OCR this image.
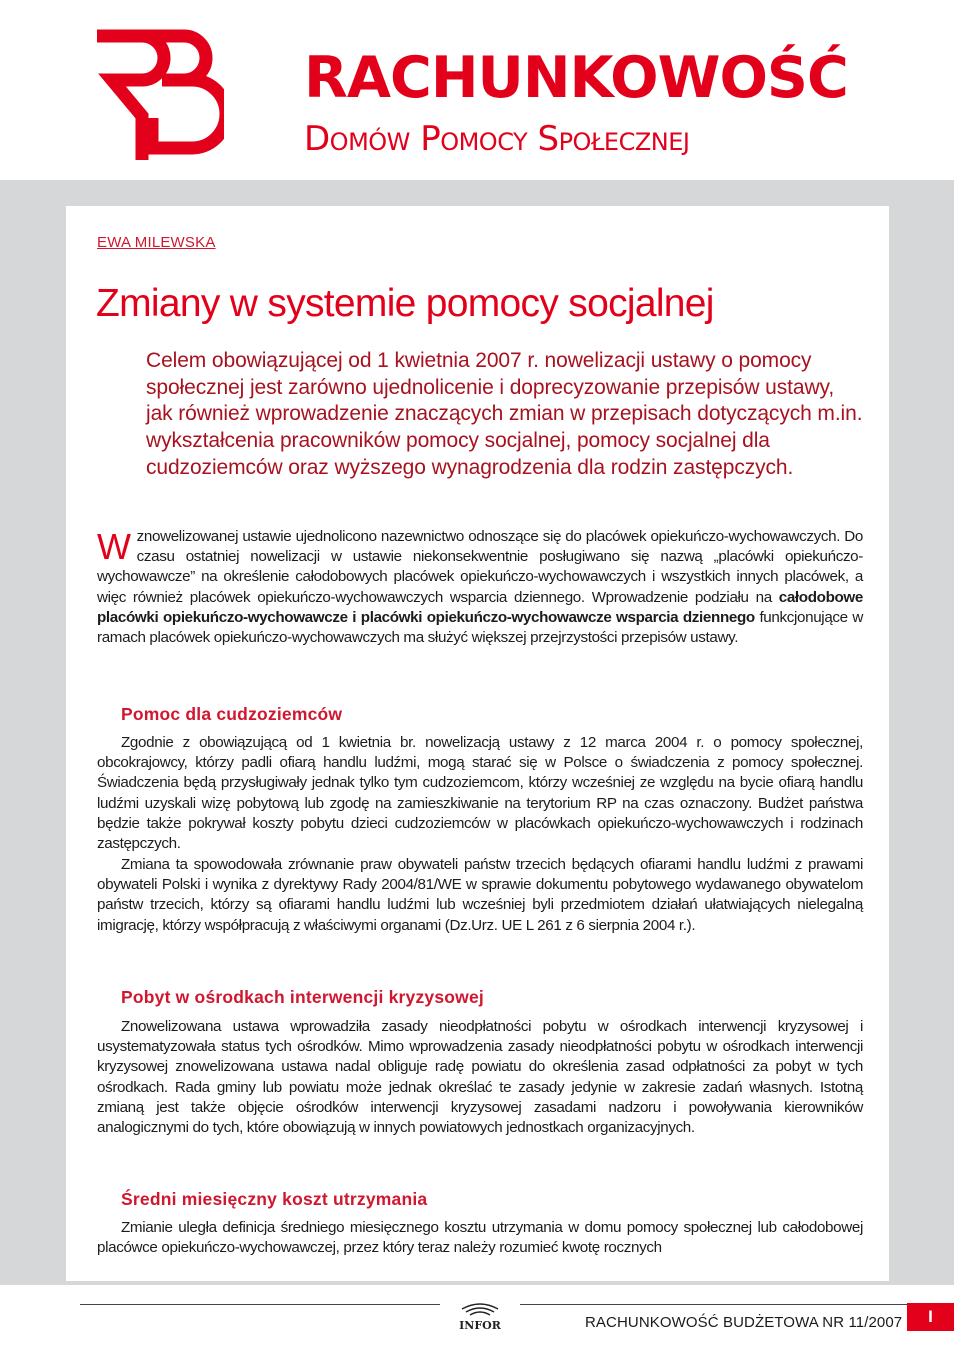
RACHUNKOWOŚĆ
Domów Pomocy Społecznej
EWA MILEWSKA
Zmiany w systemie pomocy socjalnej

Celem obowiązującej od 1 kwietnia 2007 r. nowelizacji ustawy o pomocy społecznej jest zarówno ujednolicenie i doprecyzowanie przepisów ustawy, jak również wprowadzenie znaczących zmian w przepisach dotyczących m.in. wykształcenia pracowników pomocy socjalnej, pomocy socjalnej dla cudzoziemców oraz wyższego wynagrodzenia dla rodzin zastępczych.

W znowelizowanej ustawie ujednolicono nazewnictwo odnoszące się do placówek opiekuńczo-wychowawczych. Do czasu ostatniej nowelizacji w ustawie niekonsekwentnie posługiwano się nazwą „placówki opiekuńczo-wychowawcze” na określenie całodobowych placówek opiekuńczo-wychowawczych i wszystkich innych placówek, a więc również placówek opiekuńczo-wychowawczych wsparcia dziennego. Wprowadzenie podziału na całodobowe placówki opiekuńczo-wychowawcze i placówki opiekuńczo-wychowawcze wsparcia dziennego funkcjonujące w ramach placówek opiekuńczo-wychowawczych ma służyć większej przejrzystości przepisów ustawy.

Pomoc dla cudzoziemców

Zgodnie z obowiązującą od 1 kwietnia br. nowelizacją ustawy z 12 marca 2004 r. o pomocy społecznej, obcokrajowcy, którzy padli ofiarą handlu ludźmi, mogą starać się w Polsce o świadczenia z pomocy społecznej. Świadczenia będą przysługiwały jednak tylko tym cudzoziemcom, którzy wcześniej ze względu na bycie ofiarą handlu ludźmi uzyskali wizę pobytową lub zgodę na zamieszkiwanie na terytorium RP na czas oznaczony. Budżet państwa będzie także pokrywał koszty pobytu dzieci cudzoziemców w placówkach opiekuńczo-wychowawczych i rodzinach zastępczych.

Zmiana ta spowodowała zrównanie praw obywateli państw trzecich będących ofiarami handlu ludźmi z prawami obywateli Polski i wynika z dyrektywy Rady 2004/81/WE w sprawie dokumentu pobytowego wydawanego obywatelom państw trzecich, którzy są ofiarami handlu ludźmi lub wcześniej byli przedmiotem działań ułatwiających nielegalną imigrację, którzy współpracują z właściwymi organami (Dz.Urz. UE L 261 z 6 sierpnia 2004 r.).

Pobyt w ośrodkach interwencji kryzysowej

Znowelizowana ustawa wprowadziła zasady nieodpłatności pobytu w ośrodkach interwencji kryzysowej i usystematyzowała status tych ośrodków. Mimo wprowadzenia zasady nieodpłatności pobytu w ośrodkach interwencji kryzysowej znowelizowana ustawa nadal obliguje radę powiatu do określenia zasad odpłatności za pobyt w tych ośrodkach. Rada gminy lub powiatu może jednak określać te zasady jedynie w zakresie zadań własnych. Istotną zmianą jest także objęcie ośrodków interwencji kryzysowej zasadami nadzoru i powoływania kierowników analogicznymi do tych, które obowiązują w innych powiatowych jednostkach organizacyjnych.

Średni miesięczny koszt utrzymania

Zmianie uległa definicja średniego miesięcznego kosztu utrzymania w domu pomocy społecznej lub całodobowej placówce opiekuńczo-wychowawczej, przez który teraz należy rozumieć kwotę rocznych

INFOR	RACHUNKOWOŚĆ BUDŻETOWA NR 11/2007	I
